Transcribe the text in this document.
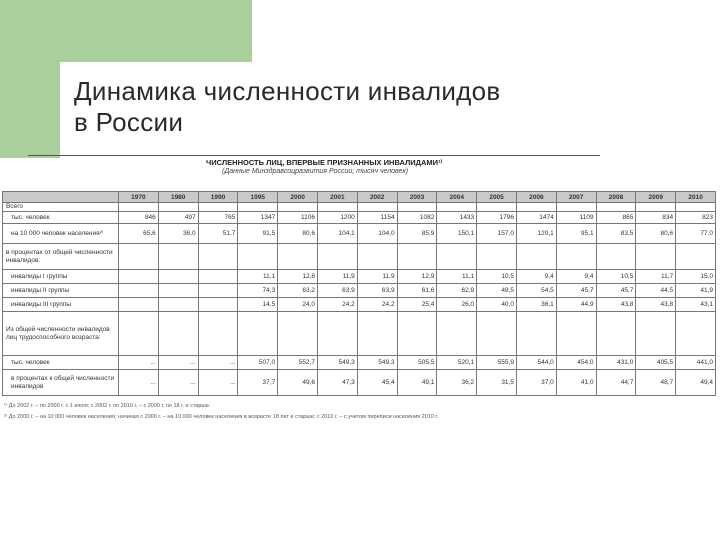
Динамика численности инвалидов
в России
ЧИСЛЕННОСТЬ ЛИЦ, ВПЕРВЫЕ ПРИЗНАННЫХ ИНВАЛИДАМИ¹⁾
(Данные Минздравсоцразвития России; тысяч человек)
	1970	1980	1990	1995	2000	2001	2002	2003	2004	2005	2006	2007	2008	2009	2010
Всего															
тыс. человек	846	497	765	1347	1106	1200	1154	1082	1433	1796	1474	1109	865	834	823
на 10 000 человек населения²⁾	65,6	36,0	51,7	91,5	80,6	104,1	104,0	85,9	150,1	157,0	120,1	95,1	83,5	80,6	77,0
в процентах от общей численности инвалидов:															
инвалиды I группы				11,1	12,8	11,9	11,9	12,9	11,1	10,5	9,4	9,4	10,5	11,7	15,0
инвалиды II группы				74,3	63,2	63,9	63,9	61,6	62,9	49,5	54,5	45,7	45,7	44,5	41,9
инвалиды III группы				14,5	24,0	24,2	24,2	25,4	26,0	40,0	36,1	44,9	43,8	43,8	43,1
Из общей численности инвалидов лиц трудоспособного возраста:															
тыс. человек	...	...	...	507,0	552,7	549,3	549,3	505,5	520,1	555,9	544,0	454,0	431,0	405,5	441,0
в процентах к общей численности инвалидов	...	...	...	37,7	49,6	47,3	45,4	49,1	36,2	31,5	37,0	41,0	44,7	48,7	49,4
¹⁾ До 2002 г. – по 2000 г. с 1 июля; с 2002 г. по 2010 г. – с 2000 г. по 18 г. и старше.
²⁾ До 2000 г. – на 10 000 человек населения; начиная с 2000 г. – на 10 000 человек населения в возрасте 18 лет и старше; с 2010 г. – с учетом переписи населения 2010 г.
